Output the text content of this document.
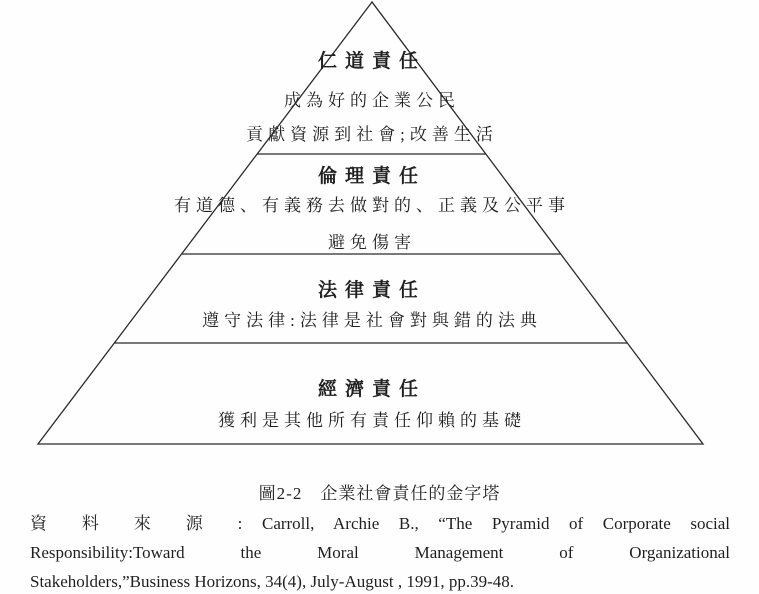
仁道責任
成為好的企業公民
貢獻資源到社會;改善生活
倫理責任
有道德、有義務去做對的、正義及公平事
避免傷害
法律責任
遵守法律:法律是社會對與錯的法典
經濟責任
獲利是其他所有責任仰賴的基礎
圖2-2 企業社會責任的金字塔
資 料 來 源 : Carroll, Archie B., “The Pyramid of Corporate social
Responsibility:Toward the Moral Management of Organizational
Stakeholders,”Business Horizons, 34(4), July-August , 1991, pp.39-48.
